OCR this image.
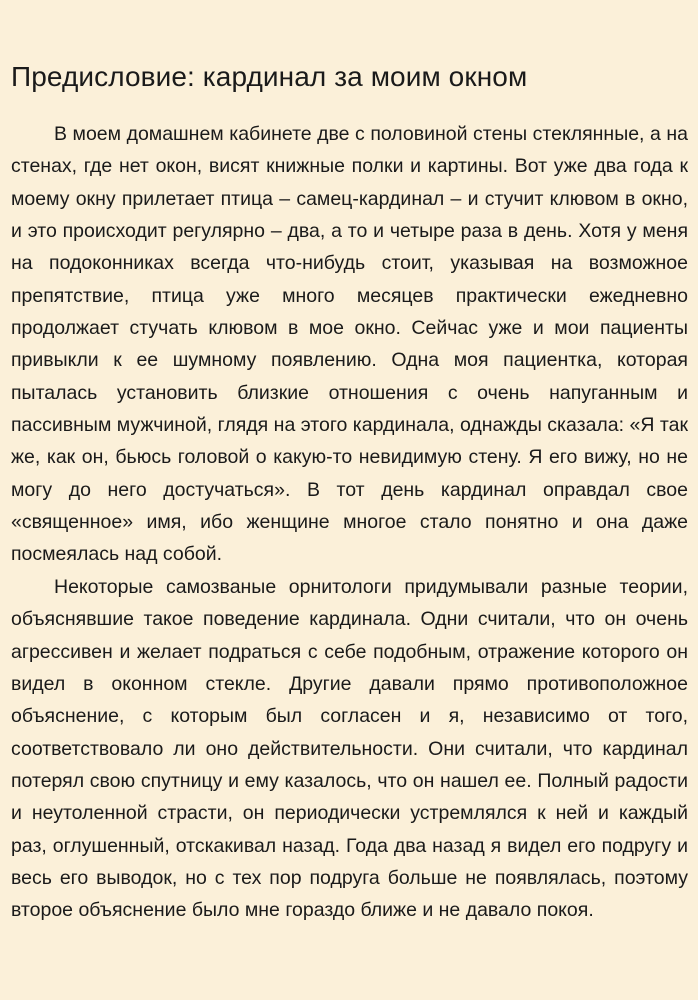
Предисловие: кардинал за моим окном

В моем домашнем кабинете две с половиной стены стеклянные, а на стенах, где нет окон, висят книжные полки и картины. Вот уже два года к моему окну прилетает птица – самец-кардинал – и стучит клювом в окно, и это происходит регулярно – два, а то и четыре раза в день. Хотя у меня на подоконниках всегда что-нибудь стоит, указывая на возможное препятствие, птица уже много месяцев практически ежедневно продолжает стучать клювом в мое окно. Сейчас уже и мои пациенты привыкли к ее шумному появлению. Одна моя пациентка, которая пыталась установить близкие отношения с очень напуганным и пассивным мужчиной, глядя на этого кардинала, однажды сказала: «Я так же, как он, бьюсь головой о какую-то невидимую стену. Я его вижу, но не могу до него достучаться». В тот день кардинал оправдал свое «священное» имя, ибо женщине многое стало понятно и она даже посмеялась над собой.

Некоторые самозваные орнитологи придумывали разные теории, объяснявшие такое поведение кардинала. Одни считали, что он очень агрессивен и желает подраться с себе подобным, отражение которого он видел в оконном стекле. Другие давали прямо противоположное объяснение, с которым был согласен и я, независимо от того, соответствовало ли оно действительности. Они считали, что кардинал потерял свою спутницу и ему казалось, что он нашел ее. Полный радости и неутоленной страсти, он периодически устремлялся к ней и каждый раз, оглушенный, отскакивал назад. Года два назад я видел его подругу и весь его выводок, но с тех пор подруга больше не появлялась, поэтому второе объяснение было мне гораздо ближе и не давало покоя.
